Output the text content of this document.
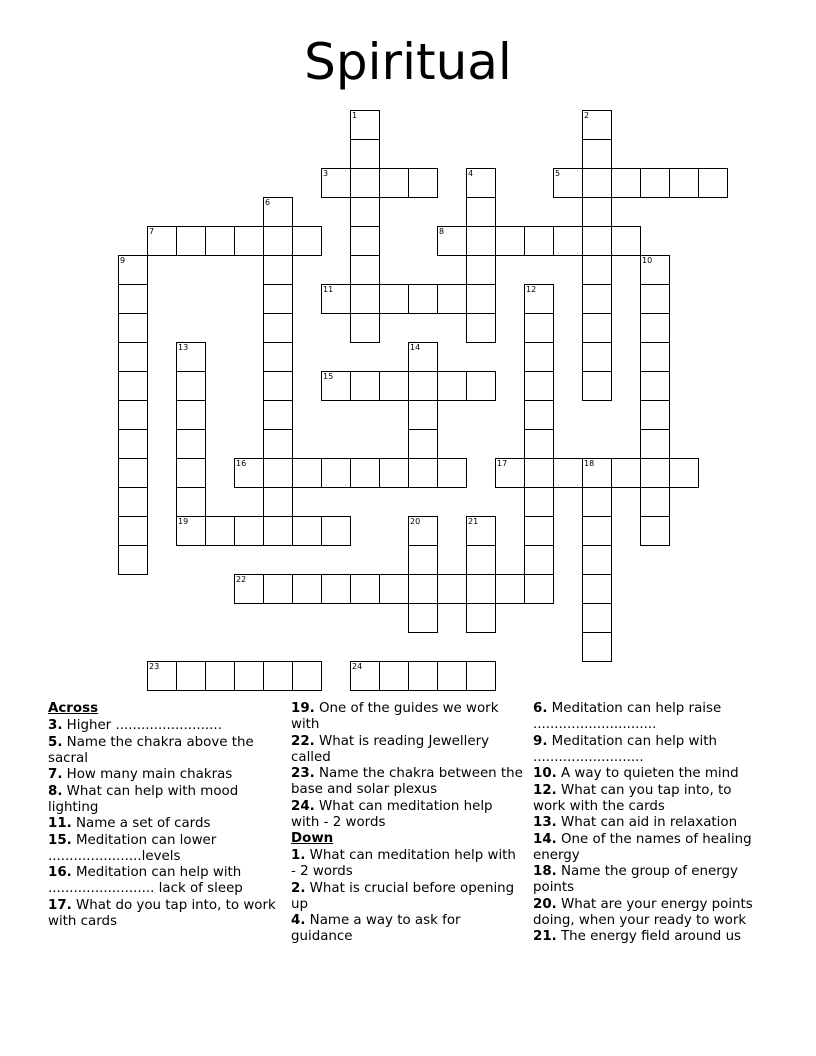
Spiritual
3	5
7	8
11
15
16	17	18
19
22
23	24
1	2
4
6
9	10
12
13	14
20	21
Across
3. Higher .........................
5. Name the chakra above the sacral
7. How many main chakras
8. What can help with mood lighting
11. Name a set of cards
15. Meditation can lower ......................levels
16. Meditation can help with ......................... lack of sleep
17. What do you tap into, to work with cards
19. One of the guides we work with
22. What is reading Jewellery called
23. Name the chakra between the base and solar plexus
24. What can meditation help with - 2 words
Down
1. What can meditation help with - 2 words
2. What is crucial before opening up
4. Name a way to ask for guidance
6. Meditation can help raise .............................
9. Meditation can help with ..........................
10. A way to quieten the mind
12. What can you tap into, to work with the cards
13. What can aid in relaxation
14. One of the names of healing energy
18. Name the group of energy points
20. What are your energy points doing, when your ready to work
21. The energy field around us
